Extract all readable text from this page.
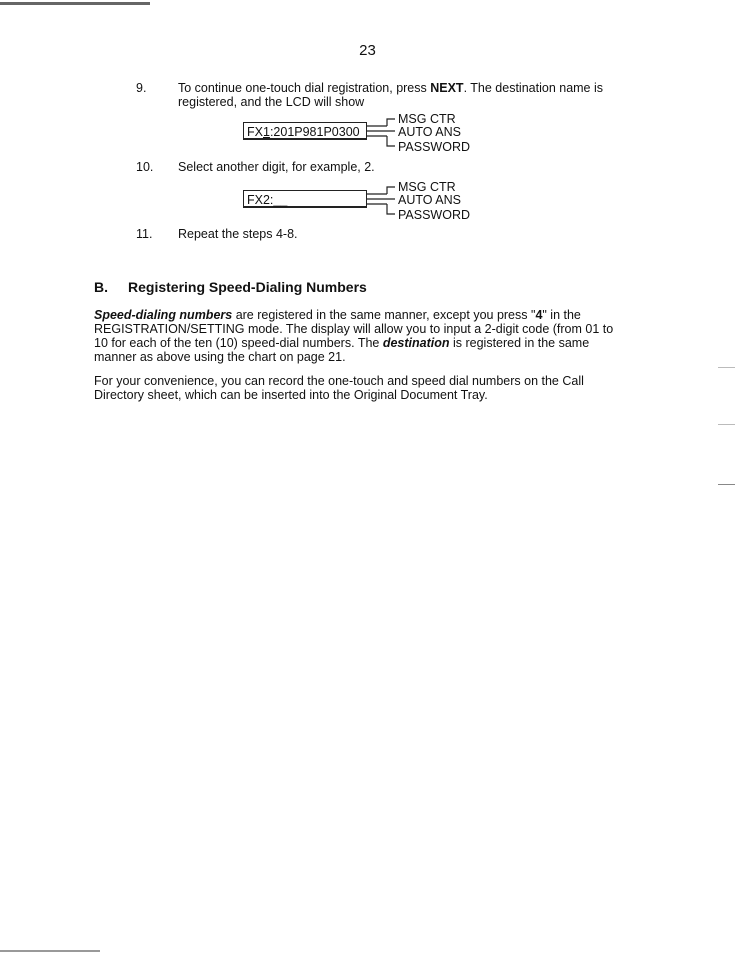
23
9.	To continue one-touch dial registration, press NEXT. The destination name is registered, and the LCD will show
FX1:201P981P0300
MSG CTR
AUTO ANS
PASSWORD
10. Select another digit, for example, 2.
FX2:__
MSG CTR
AUTO ANS
PASSWORD
11. Repeat the steps 4-8.
B. Registering Speed-Dialing Numbers
Speed-dialing numbers are registered in the same manner, except you press "4" in the REGISTRATION/SETTING mode. The display will allow you to input a 2-digit code (from 01 to 10 for each of the ten (10) speed-dial numbers. The destination is registered in the same manner as above using the chart on page 21.
For your convenience, you can record the one-touch and speed dial numbers on the Call Directory sheet, which can be inserted into the Original Document Tray.
